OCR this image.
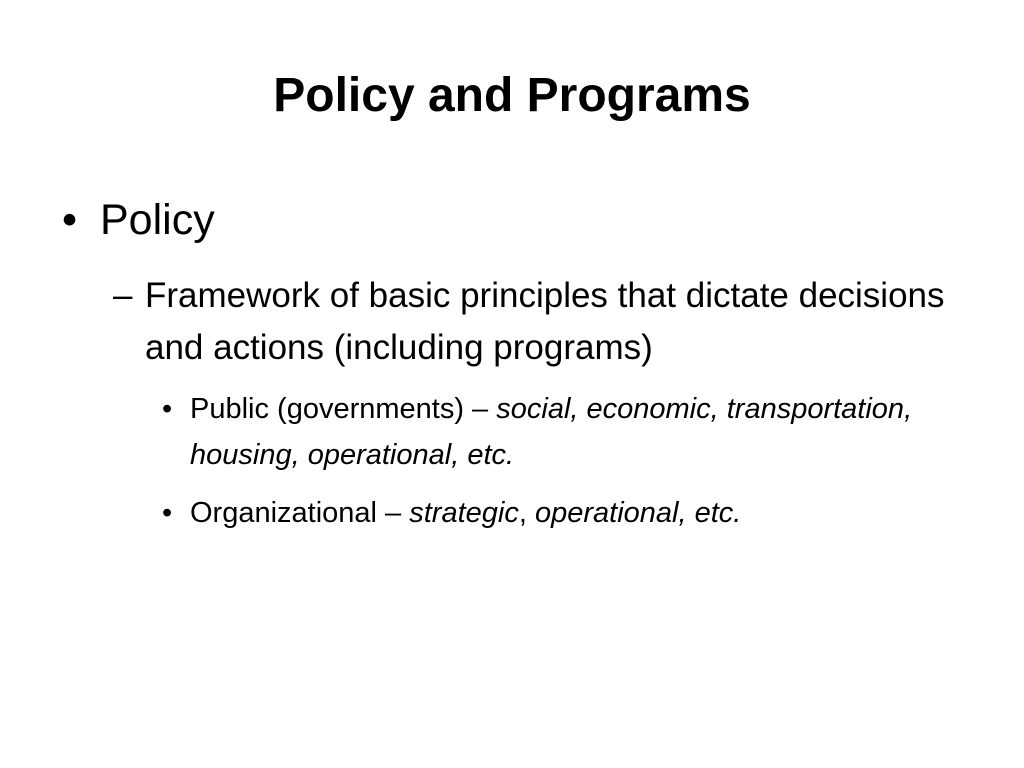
Policy and Programs
• Policy
– Framework of basic principles that dictate decisions and actions (including programs)
• Public (governments) – social, economic, transportation, housing, operational, etc.
• Organizational – strategic, operational, etc.
